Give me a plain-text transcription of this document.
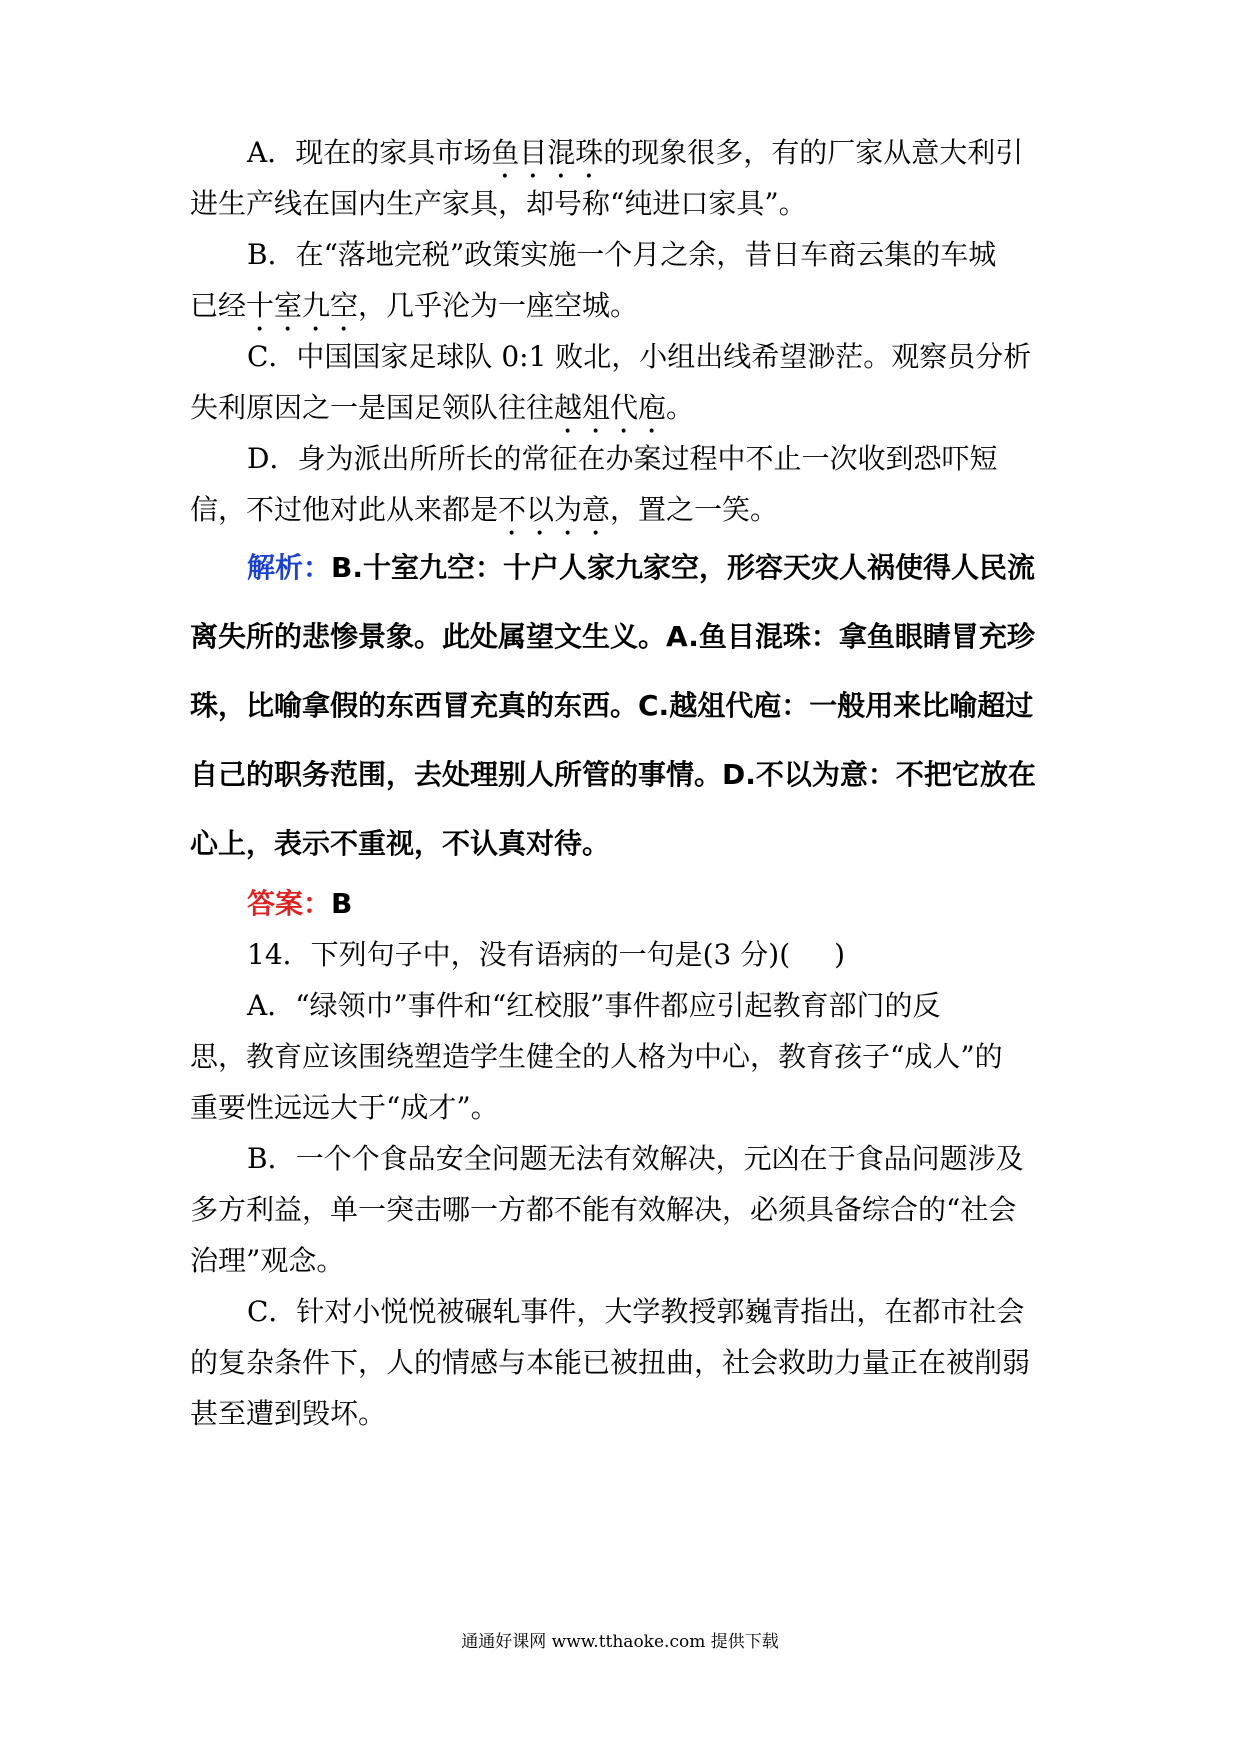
A．现在的家具市场鱼目混珠的现象很多，有的厂家从意大利引
进生产线在国内生产家具，却号称“纯进口家具”。
B．在“落地完税”政策实施一个月之余，昔日车商云集的车城
已经十室九空，几乎沦为一座空城。
C．中国国家足球队 0:1 败北，小组出线希望渺茫。观察员分析
失利原因之一是国足领队往往越俎代庖。
D．身为派出所所长的常征在办案过程中不止一次收到恐吓短
信，不过他对此从来都是不以为意，置之一笑。
解析：B.十室九空：十户人家九家空，形容天灾人祸使得人民流
离失所的悲惨景象。此处属望文生义。A.鱼目混珠：拿鱼眼睛冒充珍
珠，比喻拿假的东西冒充真的东西。C.越俎代庖：一般用来比喻超过
自己的职务范围，去处理别人所管的事情。D.不以为意：不把它放在
心上，表示不重视，不认真对待。
答案：B
14．下列句子中，没有语病的一句是(3 分)( )
A．“绿领巾”事件和“红校服”事件都应引起教育部门的反
思，教育应该围绕塑造学生健全的人格为中心，教育孩子“成人”的
重要性远远大于“成才”。
B．一个个食品安全问题无法有效解决，元凶在于食品问题涉及
多方利益，单一突击哪一方都不能有效解决，必须具备综合的“社会
治理”观念。
C．针对小悦悦被碾轧事件，大学教授郭巍青指出，在都市社会
的复杂条件下，人的情感与本能已被扭曲，社会救助力量正在被削弱
甚至遭到毁坏。
通通好课网 www.tthaoke.com 提供下载
